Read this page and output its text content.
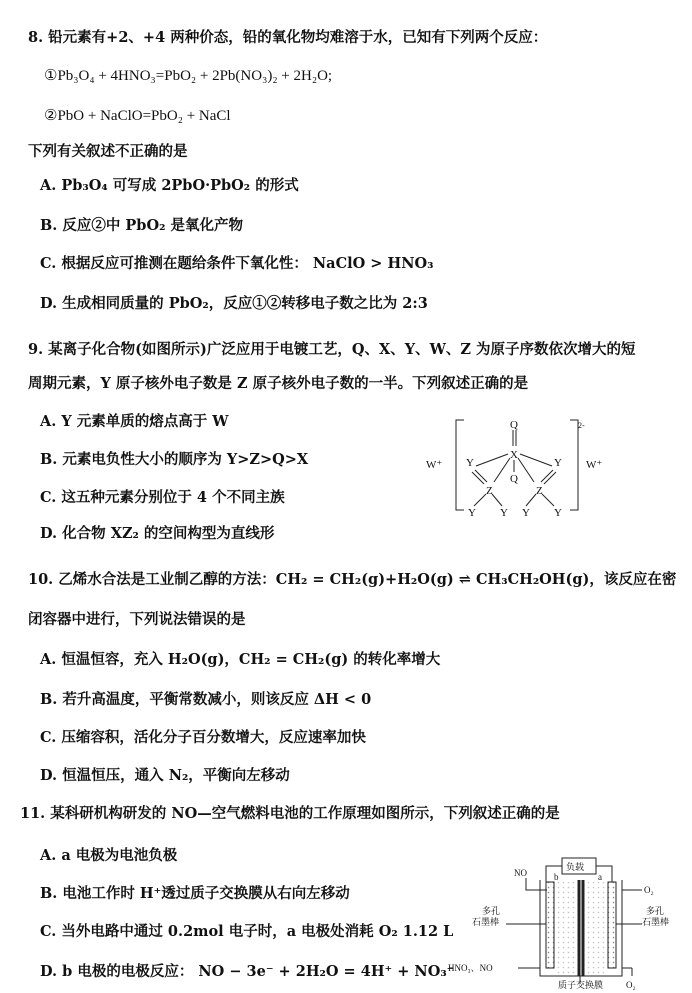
8. 铅元素有+2、+4 两种价态，铅的氧化物均难溶于水，已知有下列两个反应：
①Pb₃O₄ + 4HNO₃=PbO₂ + 2Pb(NO₃)₂ + 2H₂O;
②PbO + NaClO=PbO₂ + NaCl
下列有关叙述不正确的是
A. Pb₃O₄ 可写成 2PbO·PbO₂ 的形式
B. 反应②中 PbO₂ 是氧化产物
C. 根据反应可推测在题给条件下氧化性： NaClO > HNO₃
D. 生成相同质量的 PbO₂，反应①②转移电子数之比为 2:3
9. 某离子化合物(如图所示)广泛应用于电镀工艺，Q、X、Y、W、Z 为原子序数依次增大的短
周期元素，Y 原子核外电子数是 Z 原子核外电子数的一半。下列叙述正确的是
A. Y 元素单质的熔点高于 W
B. 元素电负性大小的顺序为 Y>Z>Q>X
C. 这五种元素分别位于 4 个不同主族
D. 化合物 XZ₂ 的空间构型为直线形
W⁺	W⁺
2-
Q
X
Q
Y	Y
Z	Z
Y Y Y Y
10. 乙烯水合法是工业制乙醇的方法：CH₂ = CH₂(g)+H₂O(g) ⇌ CH₃CH₂OH(g)，该反应在密
闭容器中进行，下列说法错误的是
A. 恒温恒容，充入 H₂O(g)，CH₂ = CH₂(g) 的转化率增大
B. 若升高温度，平衡常数减小，则该反应 ΔH < 0
C. 压缩容积，活化分子百分数增大，反应速率加快
D. 恒温恒压，通入 N₂，平衡向左移动
11. 某科研机构研发的 NO—空气燃料电池的工作原理如图所示，下列叙述正确的是
A. a 电极为电池负极
B. 电池工作时 H⁺透过质子交换膜从右向左移动
C. 当外电路中通过 0.2mol 电子时，a 电极处消耗 O₂ 1.12 L
D. b 电极的电极反应： NO − 3e⁻ + 2H₂O = 4H⁺ + NO₃⁻
负载
b	a
NO
O₂
多孔石墨棒
多孔石墨棒
HNO₃、NO
O₂
质子交换膜
